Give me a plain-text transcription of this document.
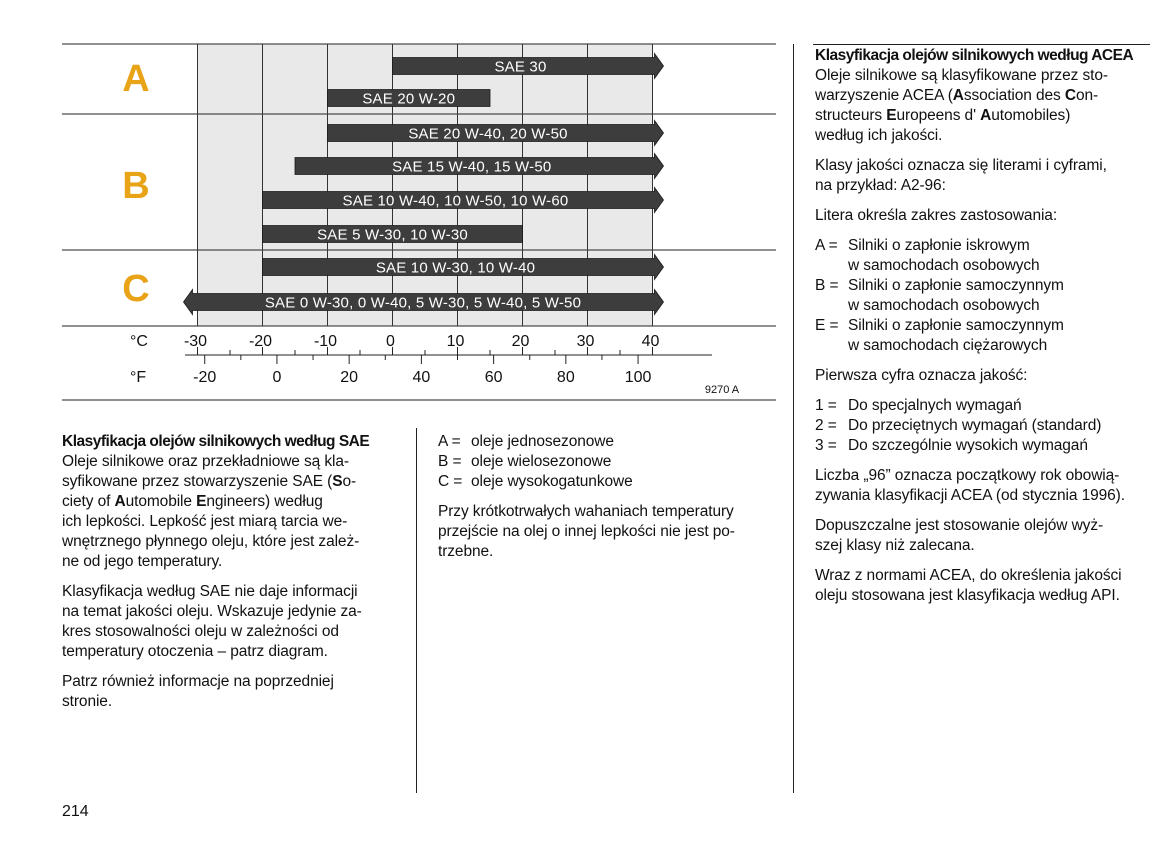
A
B
C
SAE 30
SAE 20 W-20
SAE 20 W-40, 20 W-50
SAE 15 W-40, 15 W-50
SAE 10 W-40, 10 W-50, 10 W-60
SAE 5 W-30, 10 W-30
SAE 10 W-30, 10 W-40
SAE 0 W-30, 0 W-40, 5 W-30, 5 W-40, 5 W-50
°C -30	-20	-10	0	10	20	30	40
°F	-20	0	20	40	60	80	100
9270 A

Klasyfikacja olejów silnikowych według SAE
Oleje silnikowe oraz przekładniowe są kla-
syfikowane przez stowarzyszenie SAE (So-
ciety of Automobile Engineers) według
ich lepkości. Lepkość jest miarą tarcia we-
wnętrznego płynnego oleju, które jest zależ-
ne od jego temperatury.

Klasyfikacja według SAE nie daje informacji
na temat jakości oleju. Wskazuje jedynie za-
kres stosowalności oleju w zależności od
temperatury otoczenia – patrz diagram.

Patrz również informacje na poprzedniej
stronie.

A = oleje jednosezonowe
B = oleje wielosezonowe
C = oleje wysokogatunkowe

Przy krótkotrwałych wahaniach temperatury
przejście na olej o innej lepkości nie jest po-
trzebne.

Klasyfikacja olejów silnikowych według ACEA
Oleje silnikowe są klasyfikowane przez sto-
warzyszenie ACEA (Association des Con-
structeurs Europeens d' Automobiles)
według ich jakości.

Klasy jakości oznacza się literami i cyframi,
na przykład: A2-96:

Litera określa zakres zastosowania:

A = Silniki o zapłonie iskrowym
w samochodach osobowych
B = Silniki o zapłonie samoczynnym
w samochodach osobowych
E = Silniki o zapłonie samoczynnym
w samochodach ciężarowych

Pierwsza cyfra oznacza jakość:

1 = Do specjalnych wymagań
2 = Do przeciętnych wymagań (standard)
3 = Do szczególnie wysokich wymagań

Liczba „96” oznacza początkowy rok obowią-
zywania klasyfikacji ACEA (od stycznia 1996).

Dopuszczalne jest stosowanie olejów wyż-
szej klasy niż zalecana.

Wraz z normami ACEA, do określenia jakości
oleju stosowana jest klasyfikacja według API.

214
